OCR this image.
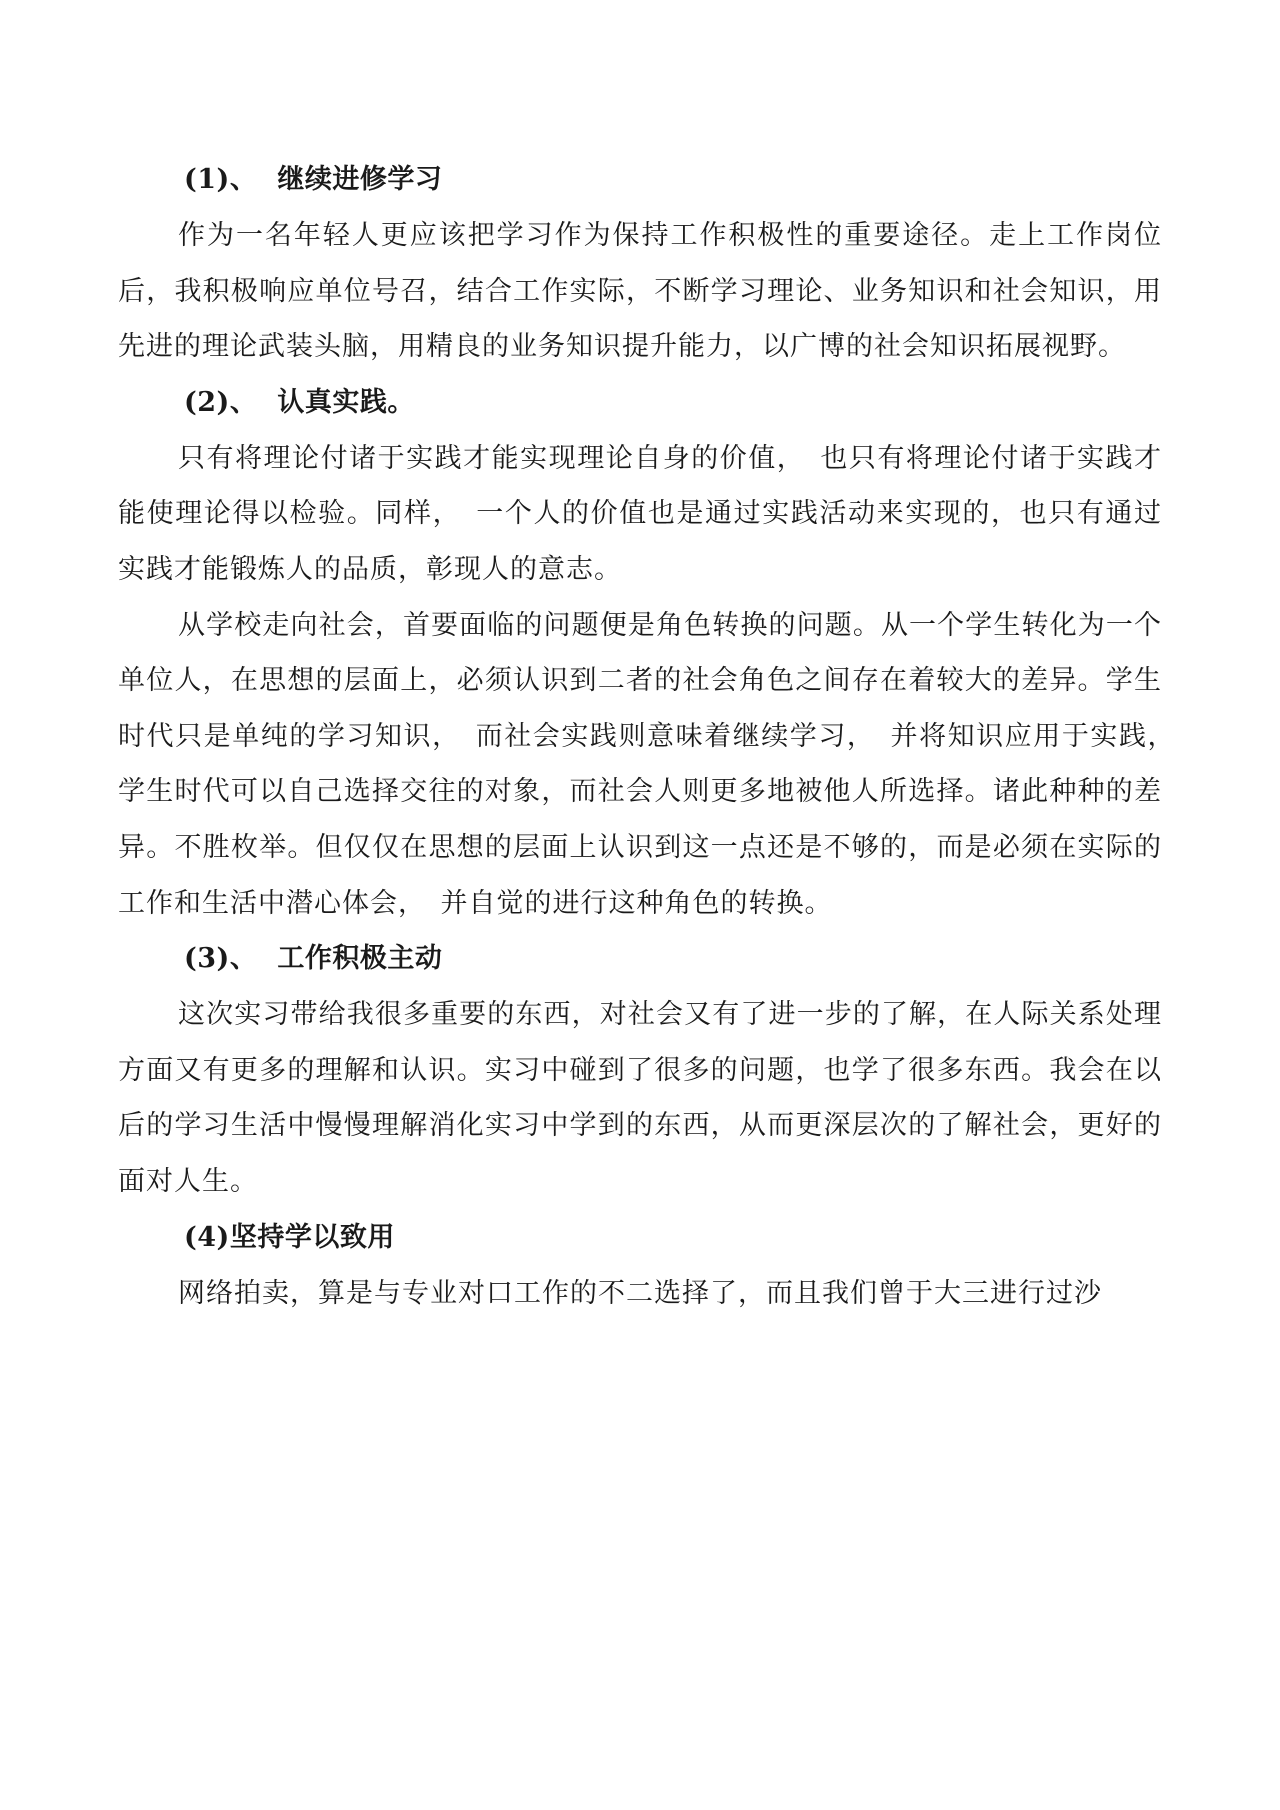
(1)、 继续进修学习

作为一名年轻人更应该把学习作为保持工作积极性的重要途径。走上工作岗位后，我积极响应单位号召，结合工作实际，不断学习理论、业务知识和社会知识，用先进的理论武装头脑，用精良的业务知识提升能力，以广博的社会知识拓展视野。

(2)、 认真实践。

只有将理论付诸于实践才能实现理论自身的价值，　也只有将理论付诸于实践才能使理论得以检验。同样，　一个人的价值也是通过实践活动来实现的，也只有通过实践才能锻炼人的品质，彰现人的意志。

从学校走向社会，首要面临的问题便是角色转换的问题。从一个学生转化为一个单位人，在思想的层面上，必须认识到二者的社会角色之间存在着较大的差异。学生时代只是单纯的学习知识，　而社会实践则意味着继续学习，　并将知识应用于实践，　学生时代可以自己选择交往的对象，而社会人则更多地被他人所选择。诸此种种的差异。不胜枚举。但仅仅在思想的层面上认识到这一点还是不够的，而是必须在实际的工作和生活中潜心体会，　并自觉的进行这种角色的转换。

(3)、 工作积极主动

这次实习带给我很多重要的东西，对社会又有了进一步的了解，在人际关系处理方面又有更多的理解和认识。实习中碰到了很多的问题，也学了很多东西。我会在以后的学习生活中慢慢理解消化实习中学到的东西，从而更深层次的了解社会，更好的面对人生。

(4)坚持学以致用

网络拍卖，算是与专业对口工作的不二选择了，而且我们曾于大三进行过沙
